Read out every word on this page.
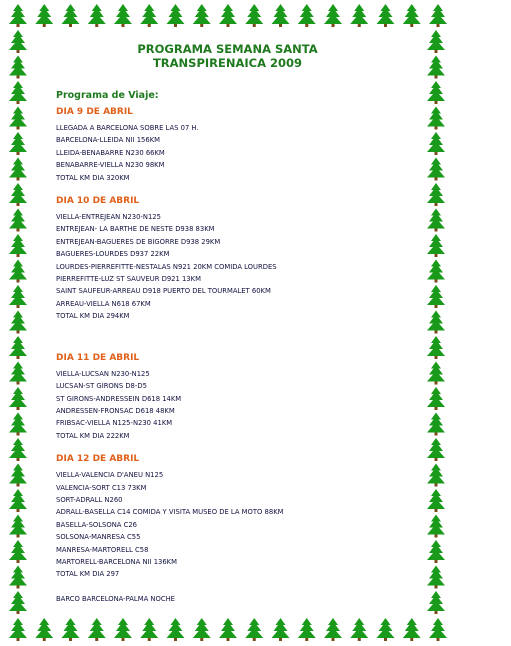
PROGRAMA SEMANA SANTA
TRANSPIRENAICA 2009
Programa de Viaje:
DIA 9 DE ABRIL
LLEGADA A BARCELONA SOBRE LAS 07 H.
BARCELONA-LLEIDA NII 156KM
LLEIDA-BENABARRE N230 66KM
BENABARRE-VIELLA N230 98KM
TOTAL KM DIA 320KM
DIA 10 DE ABRIL
VIELLA-ENTREJEAN N230-N125
ENTREJEAN- LA BARTHE DE NESTE D938 83KM
ENTREJEAN-BAGUERES DE BIGORRE D938 29KM
BAGUERES-LOURDES D937 22KM
LOURDES-PIERREFITTE-NESTALAS N921 20KM COMIDA LOURDES
PIERREFITTE-LUZ ST SAUVEUR D921 13KM
SAINT SAUFEUR-ARREAU D918 PUERTO DEL TOURMALET 60KM
ARREAU-VIELLA N618 67KM
TOTAL KM DIA 294KM
DIA 11 DE ABRIL
VIELLA-LUCSAN N230-N125
LUCSAN-ST GIRONS D8-D5
ST GIRONS-ANDRESSEIN D618 14KM
ANDRESSEN-FRONSAC D618 48KM
FRIBSAC-VIELLA N125-N230 41KM
TOTAL KM DIA 222KM
DIA 12 DE ABRIL
VIELLA-VALENCIA D'ANEU N125
VALENCIA-SORT C13 73KM
SORT-ADRALL N260
ADRALL-BASELLA C14 COMIDA Y VISITA MUSEO DE LA MOTO 88KM
BASELLA-SOLSONA C26
SOLSONA-MANRESA C55
MANRESA-MARTORELL C58
MARTORELL-BARCELONA NII 136KM
TOTAL KM DIA 297
BARCO BARCELONA-PALMA NOCHE
